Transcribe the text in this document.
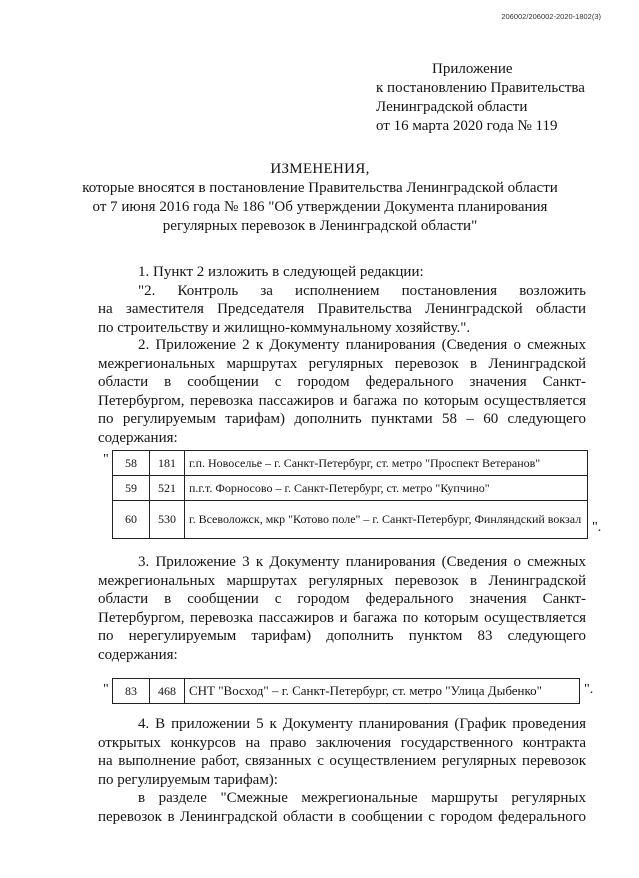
206002/206002-2020-1802(3)
Приложение
к постановлению Правительства
Ленинградской области
от 16 марта 2020 года № 119
ИЗМЕНЕНИЯ,
которые вносятся в постановление Правительства Ленинградской области
от 7 июня 2016 года № 186 "Об утверждении Документа планирования
регулярных перевозок в Ленинградской области"
1. Пункт 2 изложить в следующей редакции:
"2. Контроль за исполнением постановления возложить
на заместителя Председателя Правительства Ленинградской области
по строительству и жилищно-коммунальному хозяйству.".
2. Приложение 2 к Документу планирования (Сведения о смежных
межрегиональных маршрутах регулярных перевозок в Ленинградской
области в сообщении с городом федерального значения Санкт-
Петербургом, перевозка пассажиров и багажа по которым осуществляется
по регулируемым тарифам) дополнить пунктами 58 – 60 следующего
содержания:
" 58	181	г.п. Новоселье – г. Санкт-Петербург, ст. метро "Проспект Ветеранов"
59	521	п.г.т. Форносово – г. Санкт-Петербург, ст. метро "Купчино"
60	530	г. Всеволожск, мкр "Котово поле" – г. Санкт-Петербург, Финляндский вокзал
".
3. Приложение 3 к Документу планирования (Сведения о смежных
межрегиональных маршрутах регулярных перевозок в Ленинградской
области в сообщении с городом федерального значения Санкт-
Петербургом, перевозка пассажиров и багажа по которым осуществляется
по нерегулируемым тарифам) дополнить пунктом 83 следующего
содержания:
" 83	468	СНТ "Восход" – г. Санкт-Петербург, ст. метро "Улица Дыбенко"	".
4. В приложении 5 к Документу планирования (График проведения
открытых конкурсов на право заключения государственного контракта
на выполнение работ, связанных с осуществлением регулярных перевозок
по регулируемым тарифам):
в разделе "Смежные межрегиональные маршруты регулярных
перевозок в Ленинградской области в сообщении с городом федерального
